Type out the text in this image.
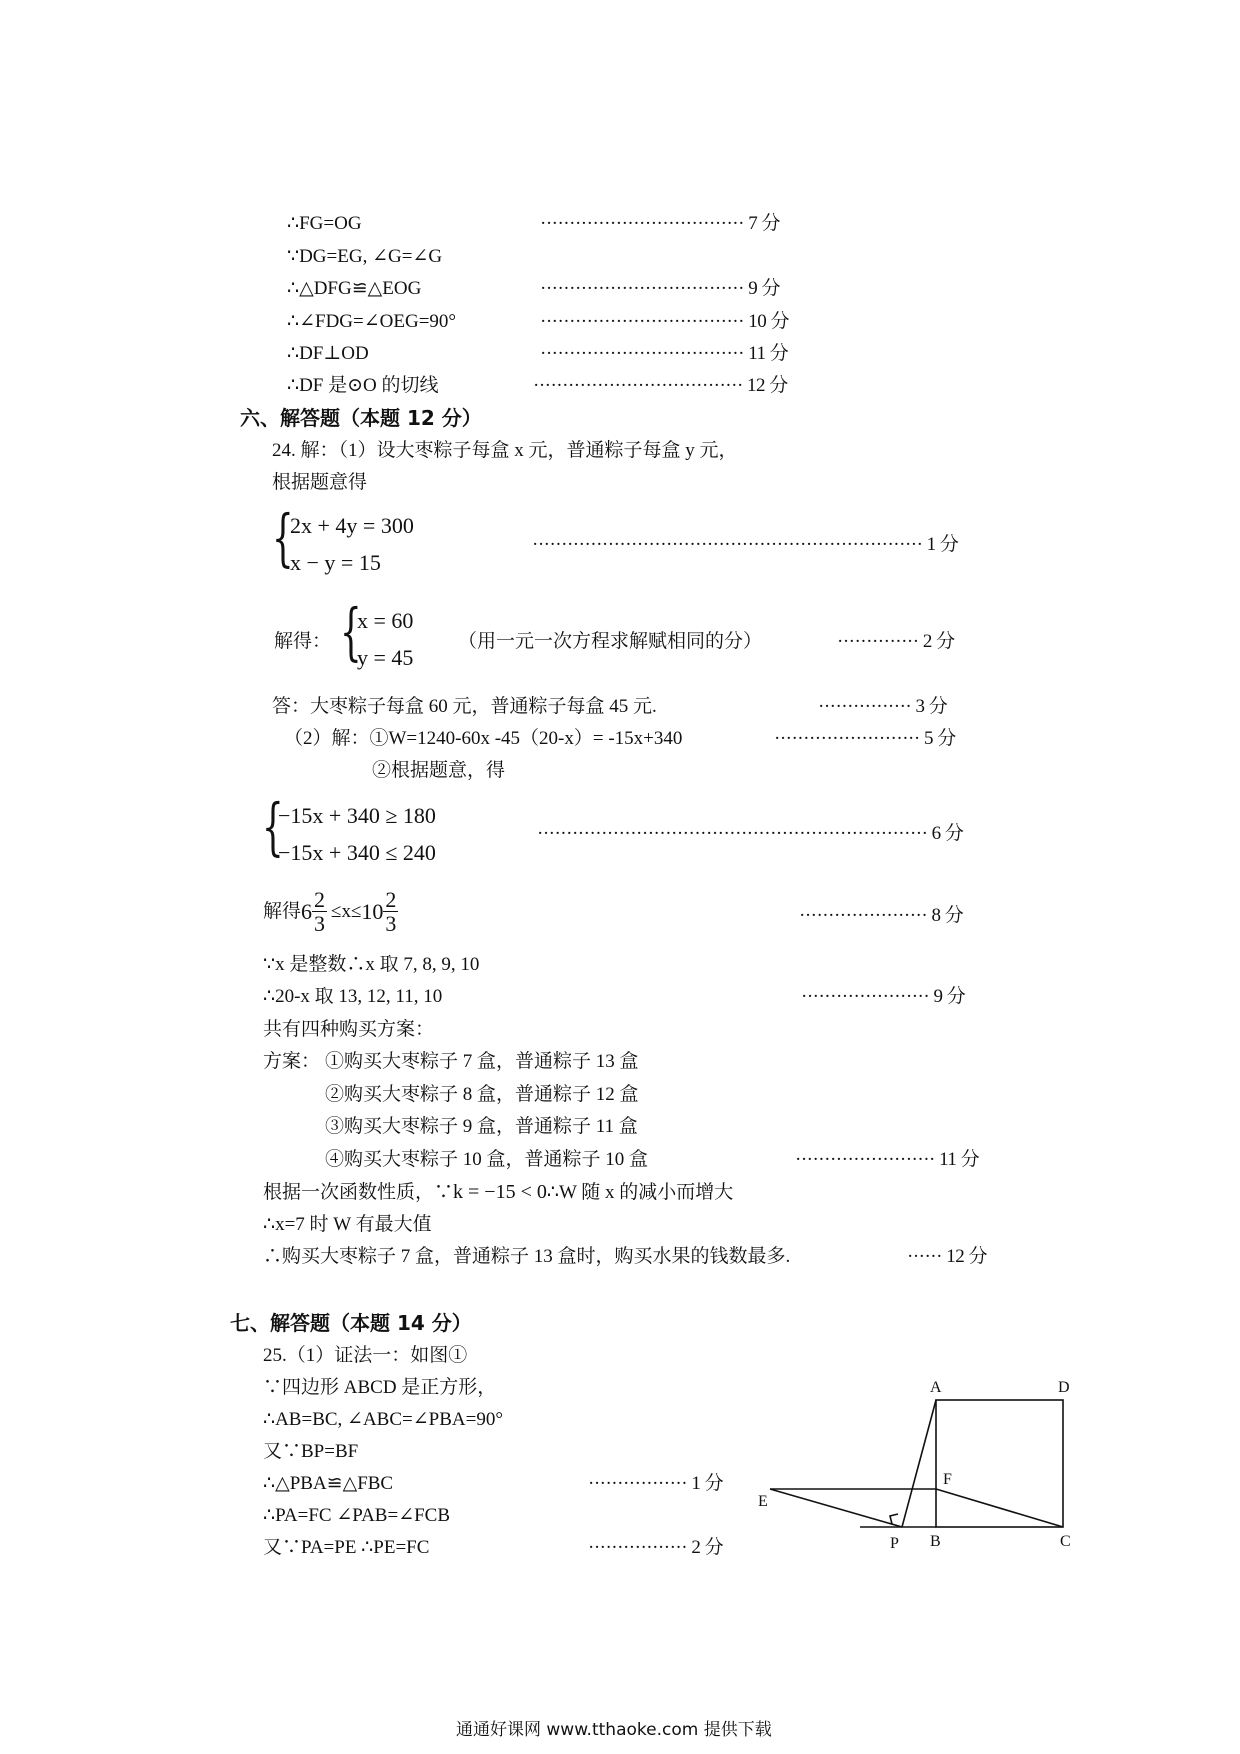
∴FG=OG	··································· 7 分
∵DG=EG, ∠G=∠G
∴△DFG≌△EOG	··································· 9 分
∴∠FDG=∠OEG=90°	··································· 10 分
∴DF⊥OD	··································· 11 分
∴DF 是⊙O 的切线	···································· 12 分
六、解答题（本题 12 分）
24. 解：（1）设大枣粽子每盒 x 元，普通粽子每盒 y 元，
根据题意得
{
2x + 4y = 300
x − y = 15
··································································· 1 分
解得： {
x = 60
y = 45
（用一元一次方程求解赋相同的分）	·············· 2 分
答：大枣粽子每盒 60 元，普通粽子每盒 45 元.	················ 3 分
（2）解：①W=1240-60x -45（20-x）= -15x+340	························· 5 分
②根据题意，得
{
−15x + 340 ≥ 180
−15x + 340 ≤ 240
··································································· 6 分
解得 $6 \frac{2}{3} \le x\le 10 \frac{2}{3}$	······················ 8 分
∵x 是整数∴x 取 7, 8, 9, 10
∴20-x 取 13, 12, 11, 10	······················ 9 分
共有四种购买方案：
方案： ①购买大枣粽子 7 盒，普通粽子 13 盒
②购买大枣粽子 8 盒，普通粽子 12 盒
③购买大枣粽子 9 盒，普通粽子 11 盒
④购买大枣粽子 10 盒，普通粽子 10 盒	························ 11 分
根据一次函数性质，∵k = −15 < 0∴W 随 x 的减小而增大
∴x=7 时 W 有最大值
∴购买大枣粽子 7 盒，普通粽子 13 盒时，购买水果的钱数最多.	······ 12 分
七、解答题（本题 14 分）
25.（1）证法一：如图①
∵四边形 ABCD 是正方形，
∴AB=BC, ∠ABC=∠PBA=90°
又∵BP=BF
∴△PBA≌△FBC	················· 1 分
∴PA=FC ∠PAB=∠FCB
又∵PA=PE ∴PE=FC	················· 2 分
A	D
F
E
P B	C
通通好课网 www.tthaoke.com 提供下载
